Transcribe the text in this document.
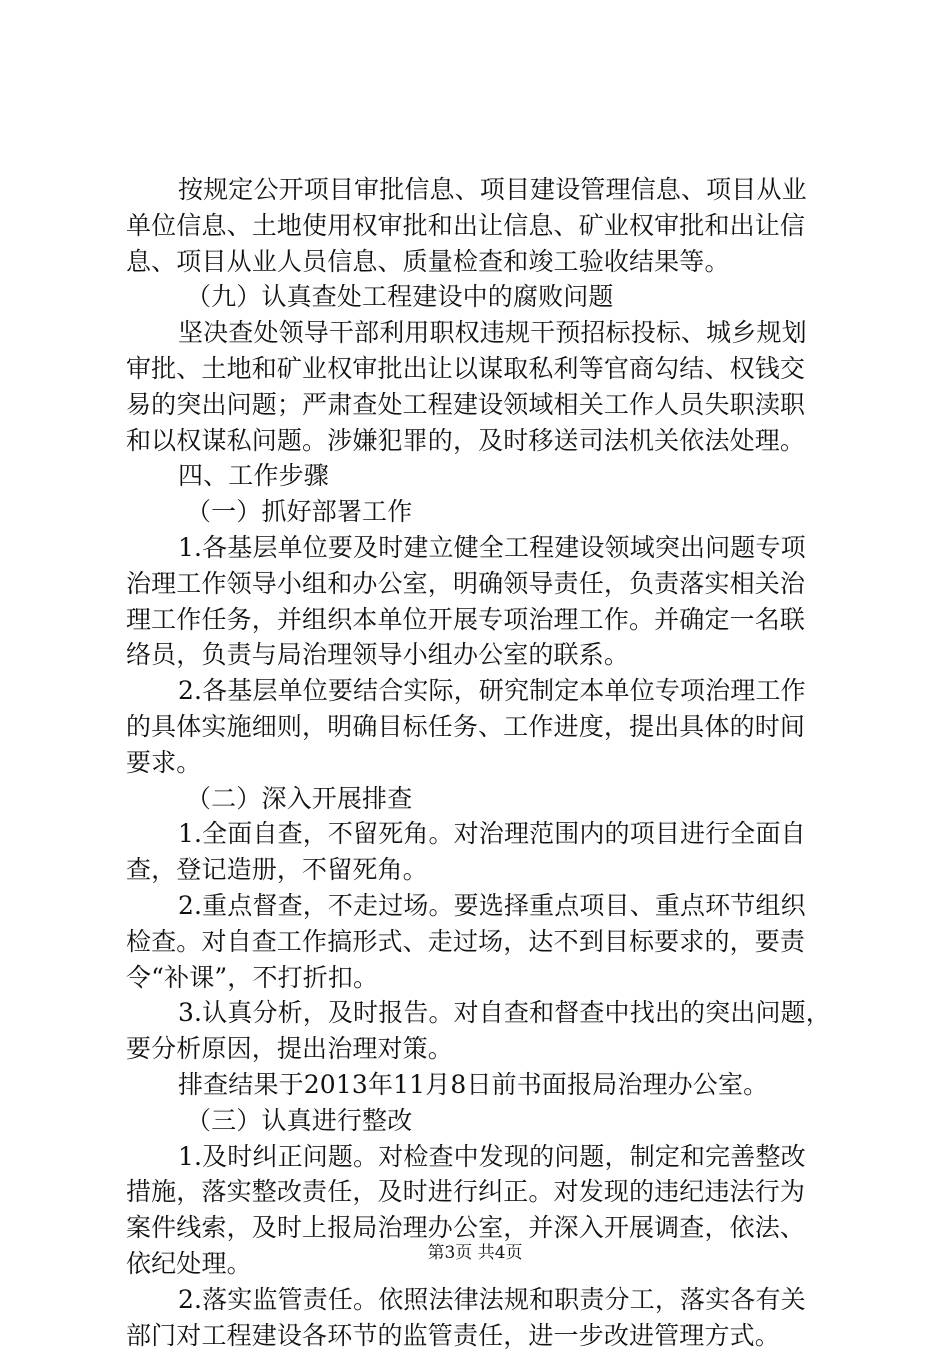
按规定公开项目审批信息、项目建设管理信息、项目从业
单位信息、土地使用权审批和出让信息、矿业权审批和出让信
息、项目从业人员信息、质量检查和竣工验收结果等。
（九）认真查处工程建设中的腐败问题
坚决查处领导干部利用职权违规干预招标投标、城乡规划
审批、土地和矿业权审批出让以谋取私利等官商勾结、权钱交
易的突出问题；严肃查处工程建设领域相关工作人员失职渎职
和以权谋私问题。涉嫌犯罪的，及时移送司法机关依法处理。
四、工作步骤
（一）抓好部署工作
1.各基层单位要及时建立健全工程建设领域突出问题专项
治理工作领导小组和办公室，明确领导责任，负责落实相关治
理工作任务，并组织本单位开展专项治理工作。并确定一名联
络员，负责与局治理领导小组办公室的联系。
2.各基层单位要结合实际，研究制定本单位专项治理工作
的具体实施细则，明确目标任务、工作进度，提出具体的时间
要求。
（二）深入开展排查
1.全面自查，不留死角。对治理范围内的项目进行全面自
查，登记造册，不留死角。
2.重点督查，不走过场。要选择重点项目、重点环节组织
检查。对自查工作搞形式、走过场，达不到目标要求的，要责
令“补课”，不打折扣。
3.认真分析，及时报告。对自查和督查中找出的突出问题，
要分析原因，提出治理对策。
排查结果于2013年11月8日前书面报局治理办公室。
（三）认真进行整改
1.及时纠正问题。对检查中发现的问题，制定和完善整改
措施，落实整改责任，及时进行纠正。对发现的违纪违法行为
案件线索，及时上报局治理办公室，并深入开展调查，依法、
依纪处理。
2.落实监管责任。依照法律法规和职责分工，落实各有关
部门对工程建设各环节的监管责任，进一步改进管理方式。
第3页 共4页
